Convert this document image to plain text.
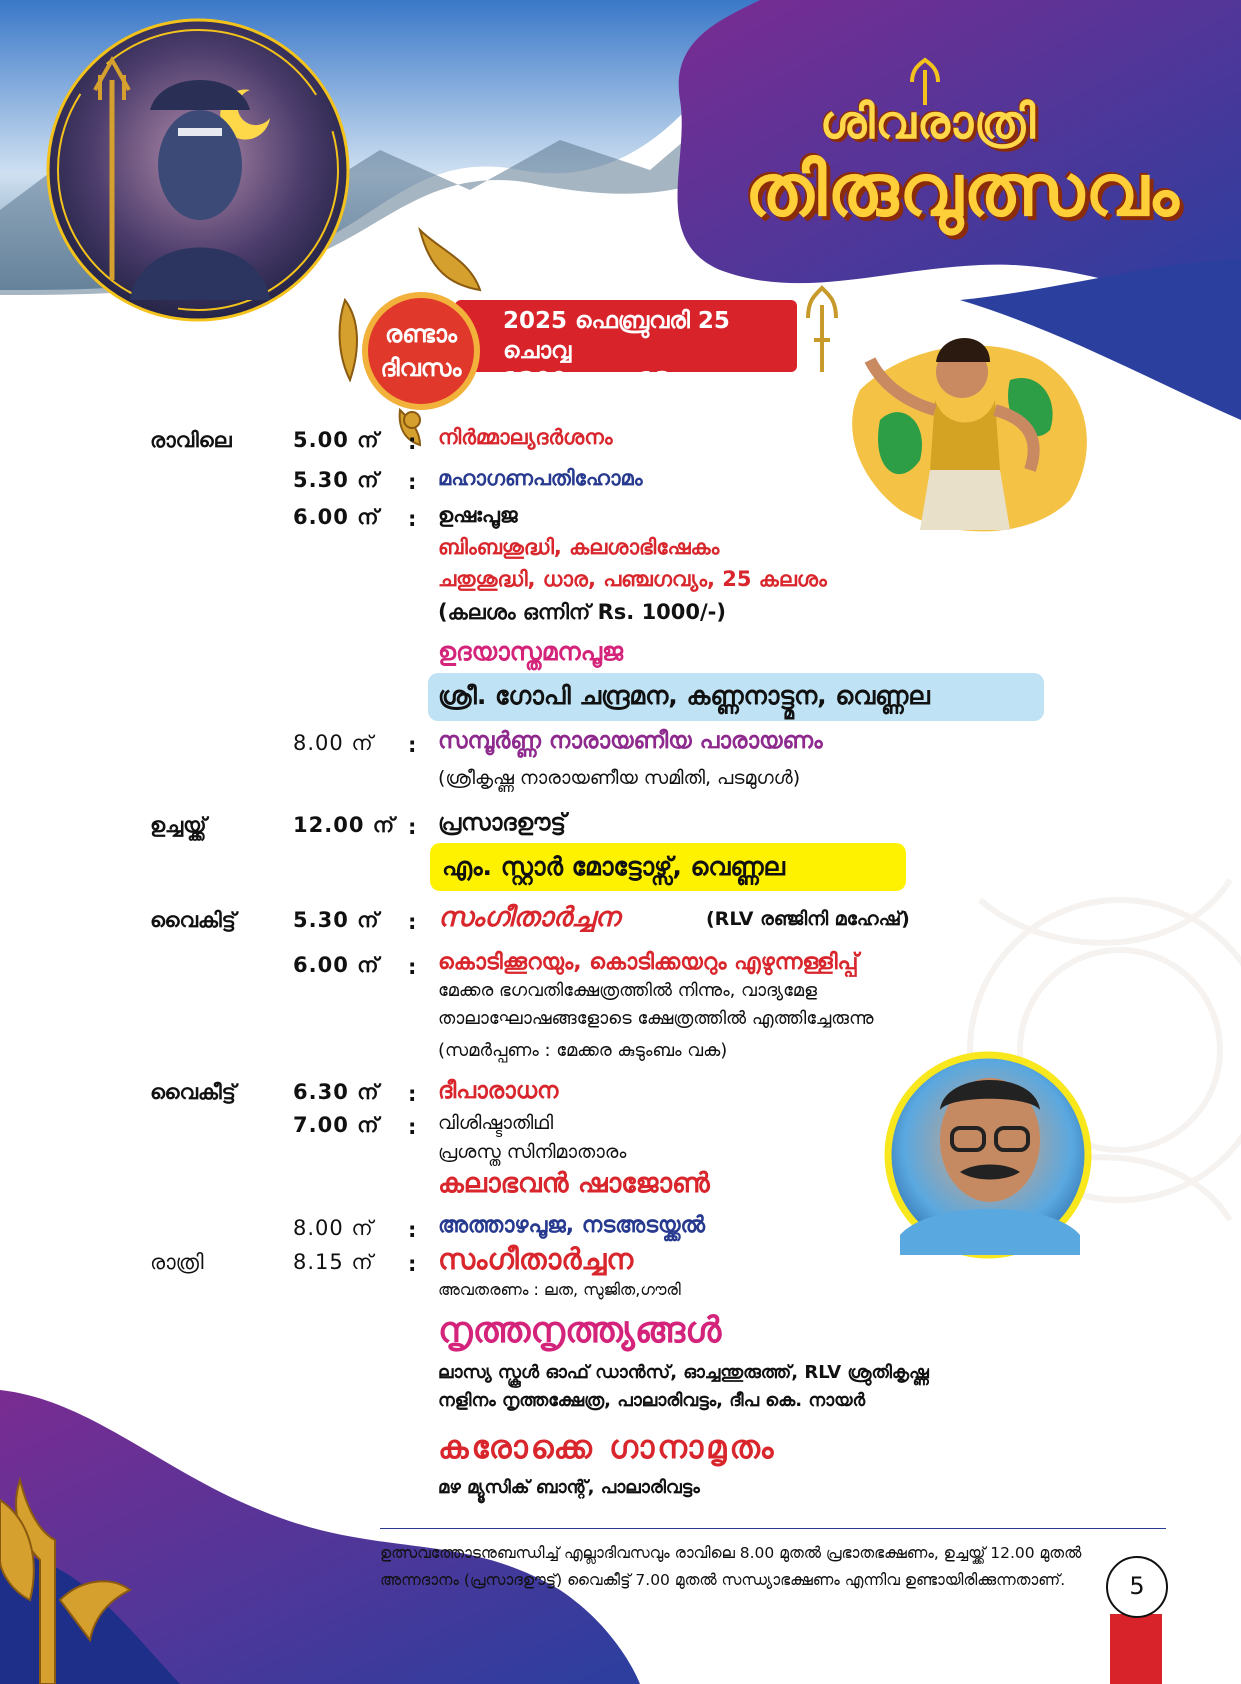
ശിവരാത്രി
തിരുവുത്സവം
2025 ഫെബ്രുവരി 25 ചൊവ്വ
1200 കുംഭം 13, ഉത്രാടം
രണ്ടാം
ദിവസം
രാവിലെ	5.00 ന് : നിർമ്മാല്യദർശനം
5.30 ന് : മഹാഗണപതിഹോമം
6.00 ന് : ഉഷഃപൂജ
ബിംബശുദ്ധി, കലശാഭിഷേകം
ചതുശുദ്ധി, ധാര, പഞ്ചഗവ്യം, 25 കലശം
(കലശം ഒന്നിന് Rs. 1000/-)
ഉദയാസ്തമനപൂജ
ശ്രീ. ഗോപി ചന്ദ്രമന, കണ്ണനാട്ട്മന, വെണ്ണല
8.00 ന് : സമ്പൂർണ്ണ നാരായണീയ പാരായണം
(ശ്രീകൃഷ്ണ നാരായണീയ സമിതി, പടമുഗൾ)
ഉച്ചയ്ക്ക്	12.00 ന് : പ്രസാദഊട്ട്
എം. സ്റ്റാർ മോട്ടോഴ്സ്, വെണ്ണല
വൈകിട്ട്	5.30 ന് : സംഗീതാർച്ചന	(RLV രഞ്ജിനി മഹേഷ്)
6.00 ന് : കൊടിക്കൂറയും, കൊടിക്കയറും എഴുന്നള്ളിപ്പ്
മേക്കര ഭഗവതിക്ഷേത്രത്തിൽ നിന്നും, വാദ്യമേള
താലാഘോഷങ്ങളോടെ ക്ഷേത്രത്തിൽ എത്തിച്ചേരുന്നു
(സമർപ്പണം : മേക്കര കുടുംബം വക)
വൈകീട്ട്	6.30 ന് : ദീപാരാധന
7.00 ന് : വിശിഷ്ടാതിഥി
പ്രശസ്ത സിനിമാതാരം
കലാഭവൻ ഷാജോൺ
8.00 ന് : അത്താഴപൂജ, നടഅടയ്ക്കൽ
രാത്രി	8.15 ന് : സംഗീതാർച്ചന
അവതരണം : ലത, സുജിത,ഗൗരി
നൃത്തനൃത്ത്യങ്ങൾ
ലാസ്യ സ്കൂൾ ഓഫ് ഡാൻസ്, ഓച്ചന്തുരുത്ത്, RLV ശ്രുതികൃഷ്ണ
നളിനം നൃത്തക്ഷേത്ര, പാലാരിവട്ടം, ദീപ കെ. നായർ
കരോക്കെ ഗാനാമൃതം
മഴ മ്യൂസിക് ബാന്റ്, പാലാരിവട്ടം
ഉത്സവത്തോടനുബന്ധിച്ച് എല്ലാദിവസവും രാവിലെ 8.00 മുതൽ പ്രഭാതഭക്ഷണം, ഉച്ചയ്ക്ക് 12.00 മുതൽ
അന്നദാനം (പ്രസാദഊട്ട്) വൈകീട്ട് 7.00 മുതൽ സന്ധ്യാഭക്ഷണം എന്നിവ ഉണ്ടായിരിക്കുന്നതാണ്.	5
